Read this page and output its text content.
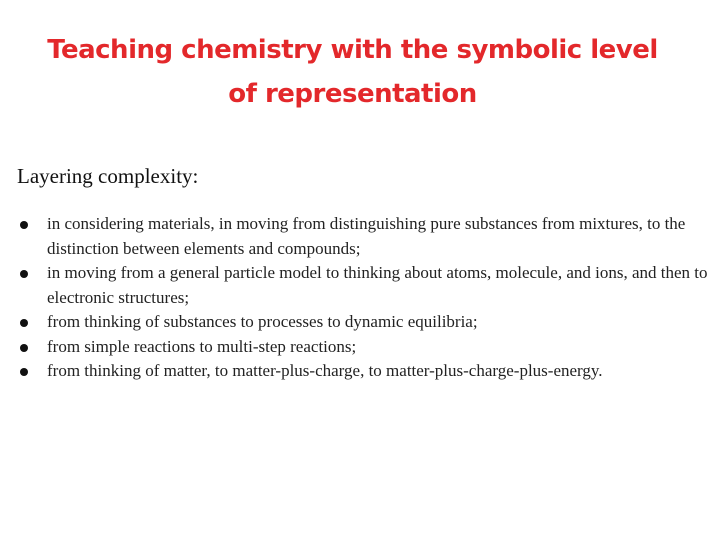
Teaching chemistry with the symbolic level
of representation
Layering complexity:
in considering materials, in moving from distinguishing pure substances from mixtures, to the distinction between elements and compounds;
in moving from a general particle model to thinking about atoms, molecule, and ions, and then to electronic structures;
from thinking of substances to processes to dynamic equilibria;
from simple reactions to multi-step reactions;
from thinking of matter, to matter-plus-charge, to matter-plus-charge-plus-energy.
